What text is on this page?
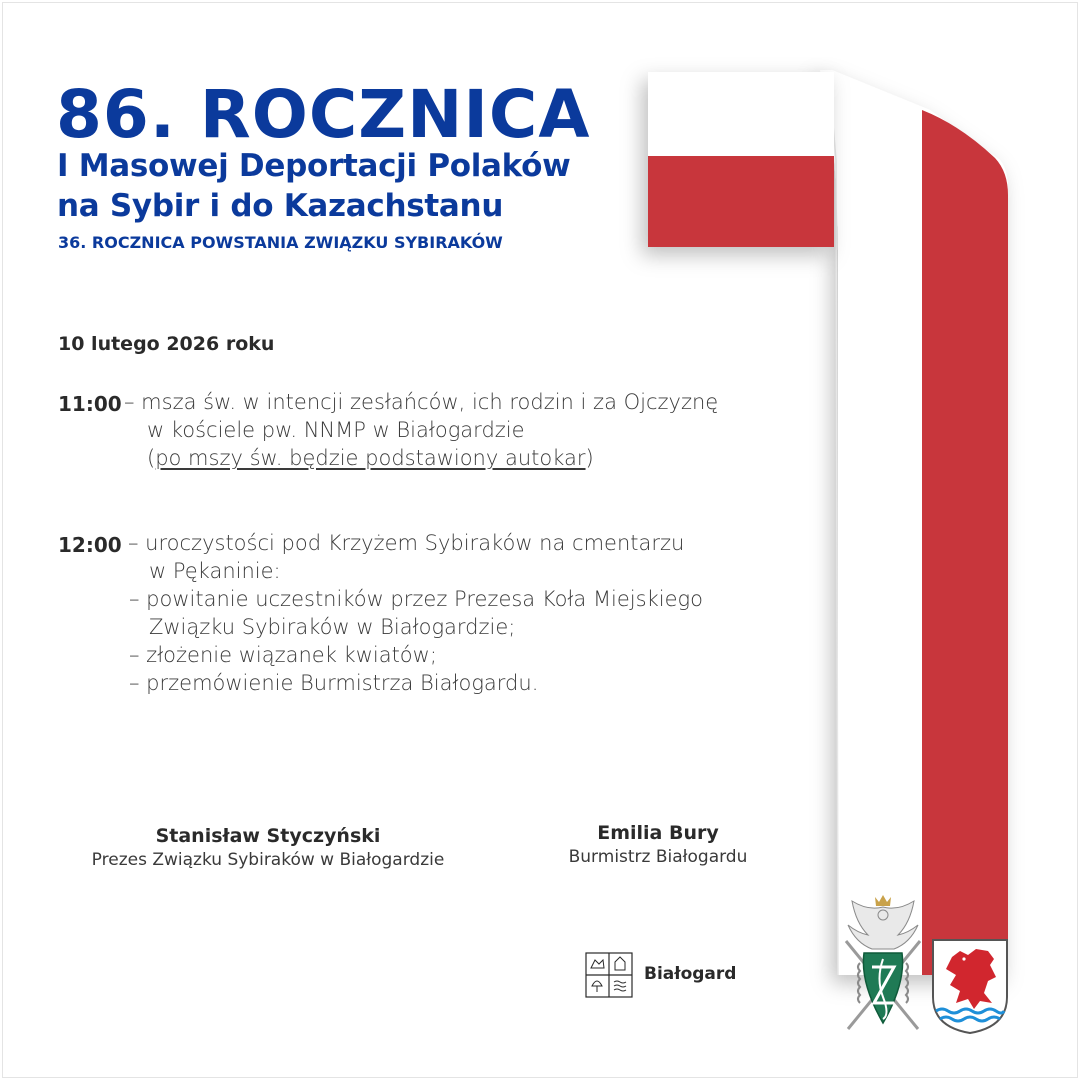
86. ROCZNICA
I Masowej Deportacji Polaków
na Sybir i do Kazachstanu
36. ROCZNICA POWSTANIA ZWIĄZKU SYBIRAKÓW
10 lutego 2026 roku
11:00 – msza św. w intencji zesłańców, ich rodzin i za Ojczyznę
w kościele pw. NNMP w Białogardzie
(po mszy św. będzie podstawiony autokar)
12:00 – uroczystości pod Krzyżem Sybiraków na cmentarzu
w Pękaninie:
– powitanie uczestników przez Prezesa Koła Miejskiego
Związku Sybiraków w Białogardzie;
– złożenie wiązanek kwiatów;
– przemówienie Burmistrza Białogardu.
Stanisław Styczyński
Prezes Związku Sybiraków w Białogardzie
Emilia Bury
Burmistrz Białogardu
Białogard
